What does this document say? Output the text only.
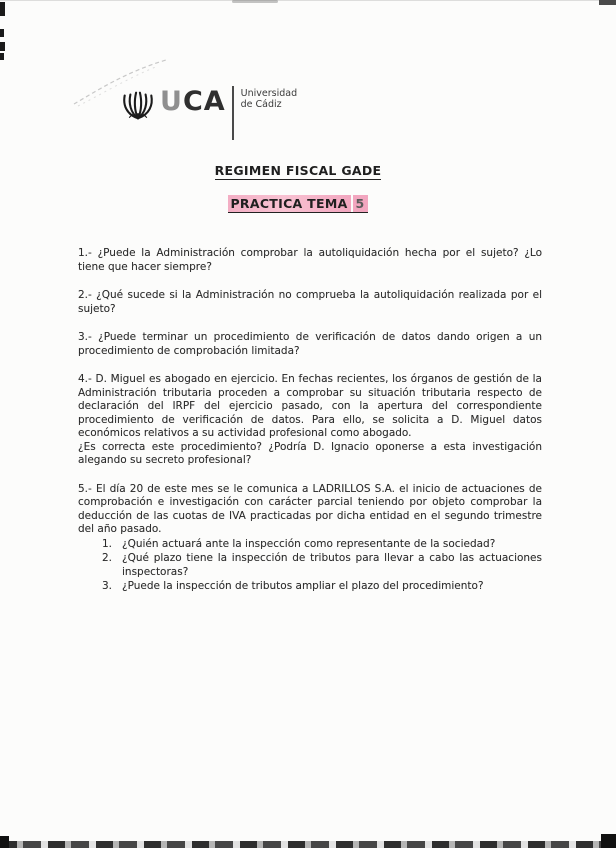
UCA Universidad
de Cádiz
REGIMEN FISCAL GADE
PRACTICA TEMA 5

1.- ¿Puede la Administración comprobar la autoliquidación hecha por el sujeto? ¿Lo tiene que hacer siempre?

2.- ¿Qué sucede si la Administración no comprueba la autoliquidación realizada por el sujeto?

3.- ¿Puede terminar un procedimiento de verificación de datos dando origen a un procedimiento de comprobación limitada?

4.- D. Miguel es abogado en ejercicio. En fechas recientes, los órganos de gestión de la Administración tributaria proceden a comprobar su situación tributaria respecto de declaración del IRPF del ejercicio pasado, con la apertura del correspondiente procedimiento de verificación de datos. Para ello, se solicita a D. Miguel datos económicos relativos a su actividad profesional como abogado.

¿Es correcta este procedimiento? ¿Podría D. Ignacio oponerse a esta investigación alegando su secreto profesional?

5.- El día 20 de este mes se le comunica a LADRILLOS S.A. el inicio de actuaciones de comprobación e investigación con carácter parcial teniendo por objeto comprobar la deducción de las cuotas de IVA practicadas por dicha entidad en el segundo trimestre del año pasado.

1. ¿Quién actuará ante la inspección como representante de la sociedad?
2. ¿Qué plazo tiene la inspección de tributos para llevar a cabo las actuaciones inspectoras?
3. ¿Puede la inspección de tributos ampliar el plazo del procedimiento?
